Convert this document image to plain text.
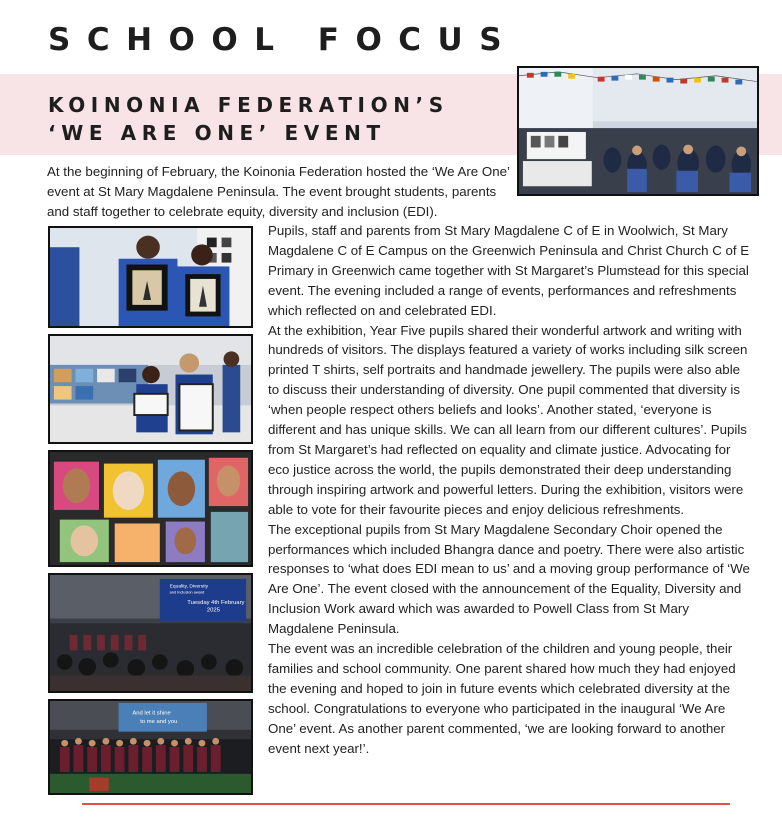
SCHOOL FOCUS
KOINONIA FEDERATION’S
‘WE ARE ONE’ EVENT

At the beginning of February, the Koinonia Federation hosted the ‘We Are One’ event at St Mary Magdalene Peninsula. The event brought students, parents and staff together to celebrate equity, diversity and inclusion (EDI).

Equality, Diversity
and Inclusion award
Tuesday 4th February
2025
And let it shine
to me and you

Pupils, staff and parents from St Mary Magdalene C of E in Woolwich, St Mary Magdalene C of E Campus on the Greenwich Peninsula and Christ Church C of E Primary in Greenwich came together with St Margaret’s Plumstead for this special event. The evening included a range of events, performances and refreshments which reflected on and celebrated EDI.

At the exhibition, Year Five pupils shared their wonderful artwork and writing with hundreds of visitors. The displays featured a variety of works including silk screen printed T shirts, self portraits and handmade jewellery. The pupils were also able to discuss their understanding of diversity. One pupil commented that diversity is ‘when people respect others beliefs and looks’. Another stated, ‘everyone is different and has unique skills. We can all learn from our different cultures’. Pupils from St Margaret’s had reflected on equality and climate justice. Advocating for eco justice across the world, the pupils demonstrated their deep understanding through inspiring artwork and powerful letters. During the exhibition, visitors were able to vote for their favourite pieces and enjoy delicious refreshments.

The exceptional pupils from St Mary Magdalene Secondary Choir opened the performances which included Bhangra dance and poetry. There were also artistic responses to ‘what does EDI mean to us’ and a moving group performance of ‘We Are One’. The event closed with the announcement of the Equality, Diversity and Inclusion Work award which was awarded to Powell Class from St Mary Magdalene Peninsula.

The event was an incredible celebration of the children and young people, their families and school community. One parent shared how much they had enjoyed the evening and hoped to join in future events which celebrated diversity at the school. Congratulations to everyone who participated in the inaugural ‘We Are One’ event. As another parent commented, ‘we are looking forward to another event next year!’.
